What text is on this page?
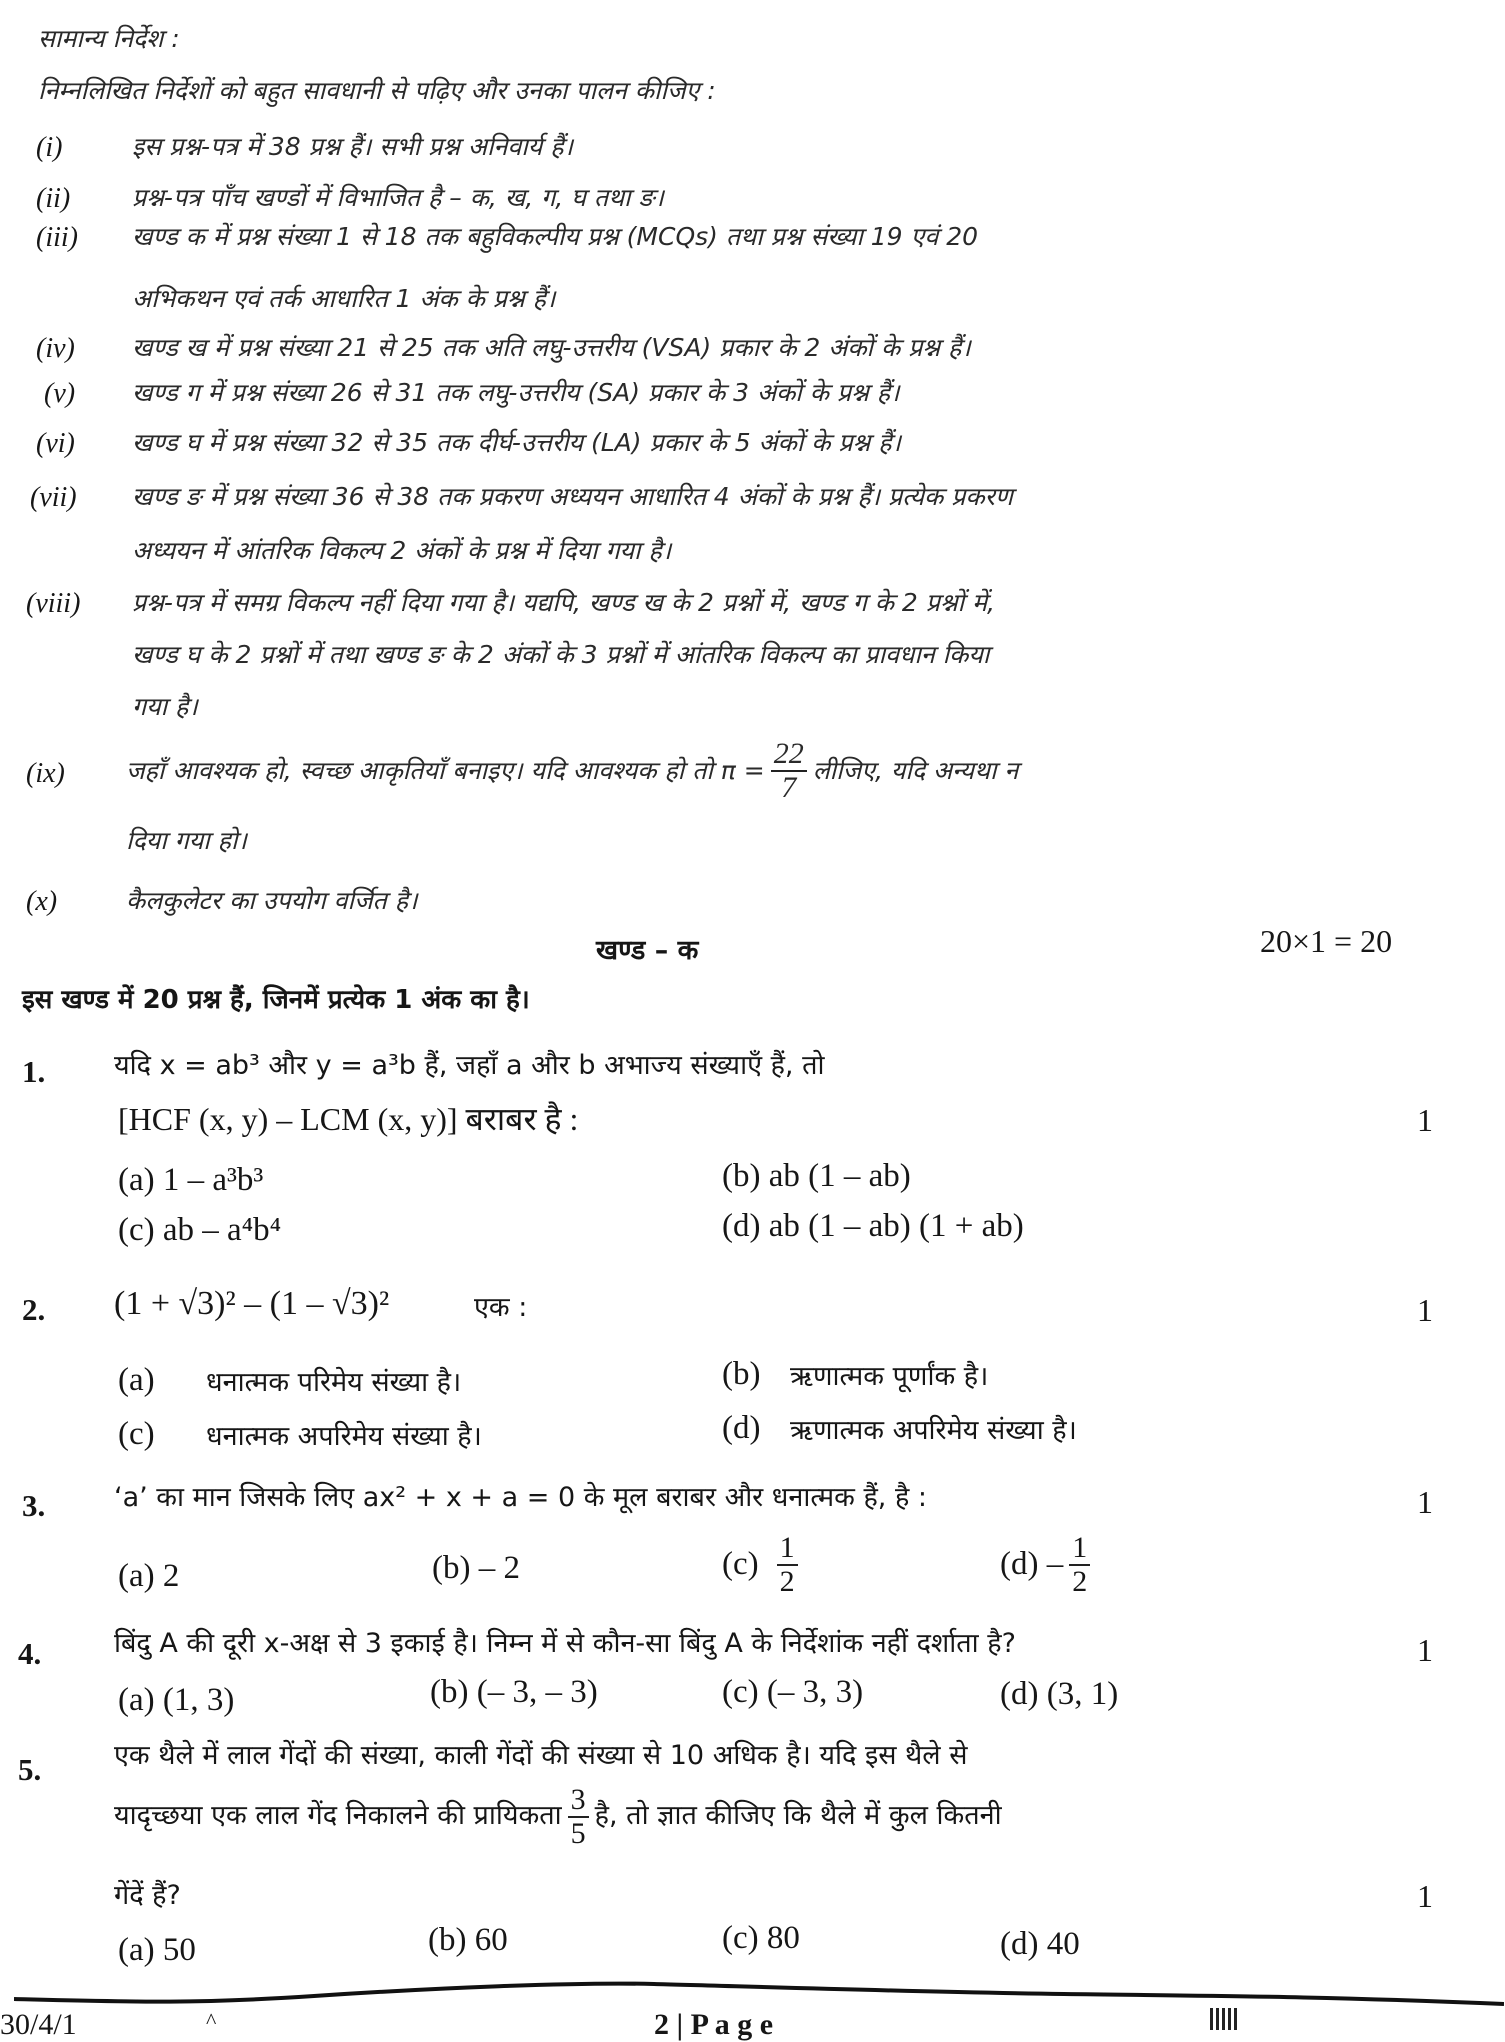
सामान्य निर्देश :
निम्नलिखित निर्देशों को बहुत सावधानी से पढ़िए और उनका पालन कीजिए :
(i)	इस प्रश्न-पत्र में 38 प्रश्न हैं। सभी प्रश्न अनिवार्य हैं।
(ii) प्रश्न-पत्र पाँच खण्डों में विभाजित है – क, ख, ग, घ तथा ङ।
(iii) खण्ड क में प्रश्न संख्या 1 से 18 तक बहुविकल्पीय प्रश्न (MCQs) तथा प्रश्न संख्या 19 एवं 20
अभिकथन एवं तर्क आधारित 1 अंक के प्रश्न हैं।
(iv) खण्ड ख में प्रश्न संख्या 21 से 25 तक अति लघु-उत्तरीय (VSA) प्रकार के 2 अंकों के प्रश्न हैं।
(v) खण्ड ग में प्रश्न संख्या 26 से 31 तक लघु-उत्तरीय (SA) प्रकार के 3 अंकों के प्रश्न हैं।
(vi) खण्ड घ में प्रश्न संख्या 32 से 35 तक दीर्घ-उत्तरीय (LA) प्रकार के 5 अंकों के प्रश्न हैं।
(vii) खण्ड ङ में प्रश्न संख्या 36 से 38 तक प्रकरण अध्ययन आधारित 4 अंकों के प्रश्न हैं। प्रत्येक प्रकरण
अध्ययन में आंतरिक विकल्प 2 अंकों के प्रश्न में दिया गया है।
(viii) प्रश्न-पत्र में समग्र विकल्प नहीं दिया गया है। यद्यपि, खण्ड ख के 2 प्रश्नों में, खण्ड ग के 2 प्रश्नों में,
खण्ड घ के 2 प्रश्नों में तथा खण्ड ङ के 2 अंकों के 3 प्रश्नों में आंतरिक विकल्प का प्रावधान किया
गया है।
(ix) जहाँ आवश्यक हो, स्वच्छ आकृतियाँ बनाइए। यदि आवश्यक हो तो $\pi = \frac{22}{7}$ लीजिए, यदि अन्यथा न
दिया गया हो।
(x)	कैलकुलेटर का उपयोग वर्जित है।
खण्ड – क	20×1 = 20
इस खण्ड में 20 प्रश्न हैं, जिनमें प्रत्येक 1 अंक का है।
1.	यदि x = ab³ और y = a³b हैं, जहाँ a और b अभाज्य संख्याएँ हैं, तो
[HCF (x, y) – LCM (x, y)] बराबर है :	1
(a) 1 – a³b³	(b) ab (1 – ab)
(c) ab – a⁴b⁴	(d) ab (1 – ab) (1 + ab)
2. (1 + √3)² – (1 – √3)²	एक :	1
(a) धनात्मक परिमेय संख्या है।	(b) ऋणात्मक पूर्णांक है।
(c) धनात्मक अपरिमेय संख्या है।	(d) ऋणात्मक अपरिमेय संख्या है।
3.	‘a’ का मान जिसके लिए ax² + x + a = 0 के मूल बराबर और धनात्मक हैं, है :	1
(a) 2	(b) – 2	$(c) \frac{1}{2}$	$(d) - \frac{1}{2}$
4.	बिंदु A की दूरी x-अक्ष से 3 इकाई है। निम्न में से कौन-सा बिंदु A के निर्देशांक नहीं दर्शाता है?	1
(a) (1, 3)	(b) (– 3, – 3)	(c) (– 3, 3)	(d) (3, 1)
5.	एक थैले में लाल गेंदों की संख्या, काली गेंदों की संख्या से 10 अधिक है। यदि इस थैले से
यादृच्छया एक लाल गेंद निकालने की प्रायिकता $\frac{3}{5}$ है, तो ज्ञात कीजिए कि थैले में कुल कितनी
गेंदें हैं?	1
(a) 50	(b) 60	(c) 80	(d) 40
30/4/1	^	2 | P a g e
